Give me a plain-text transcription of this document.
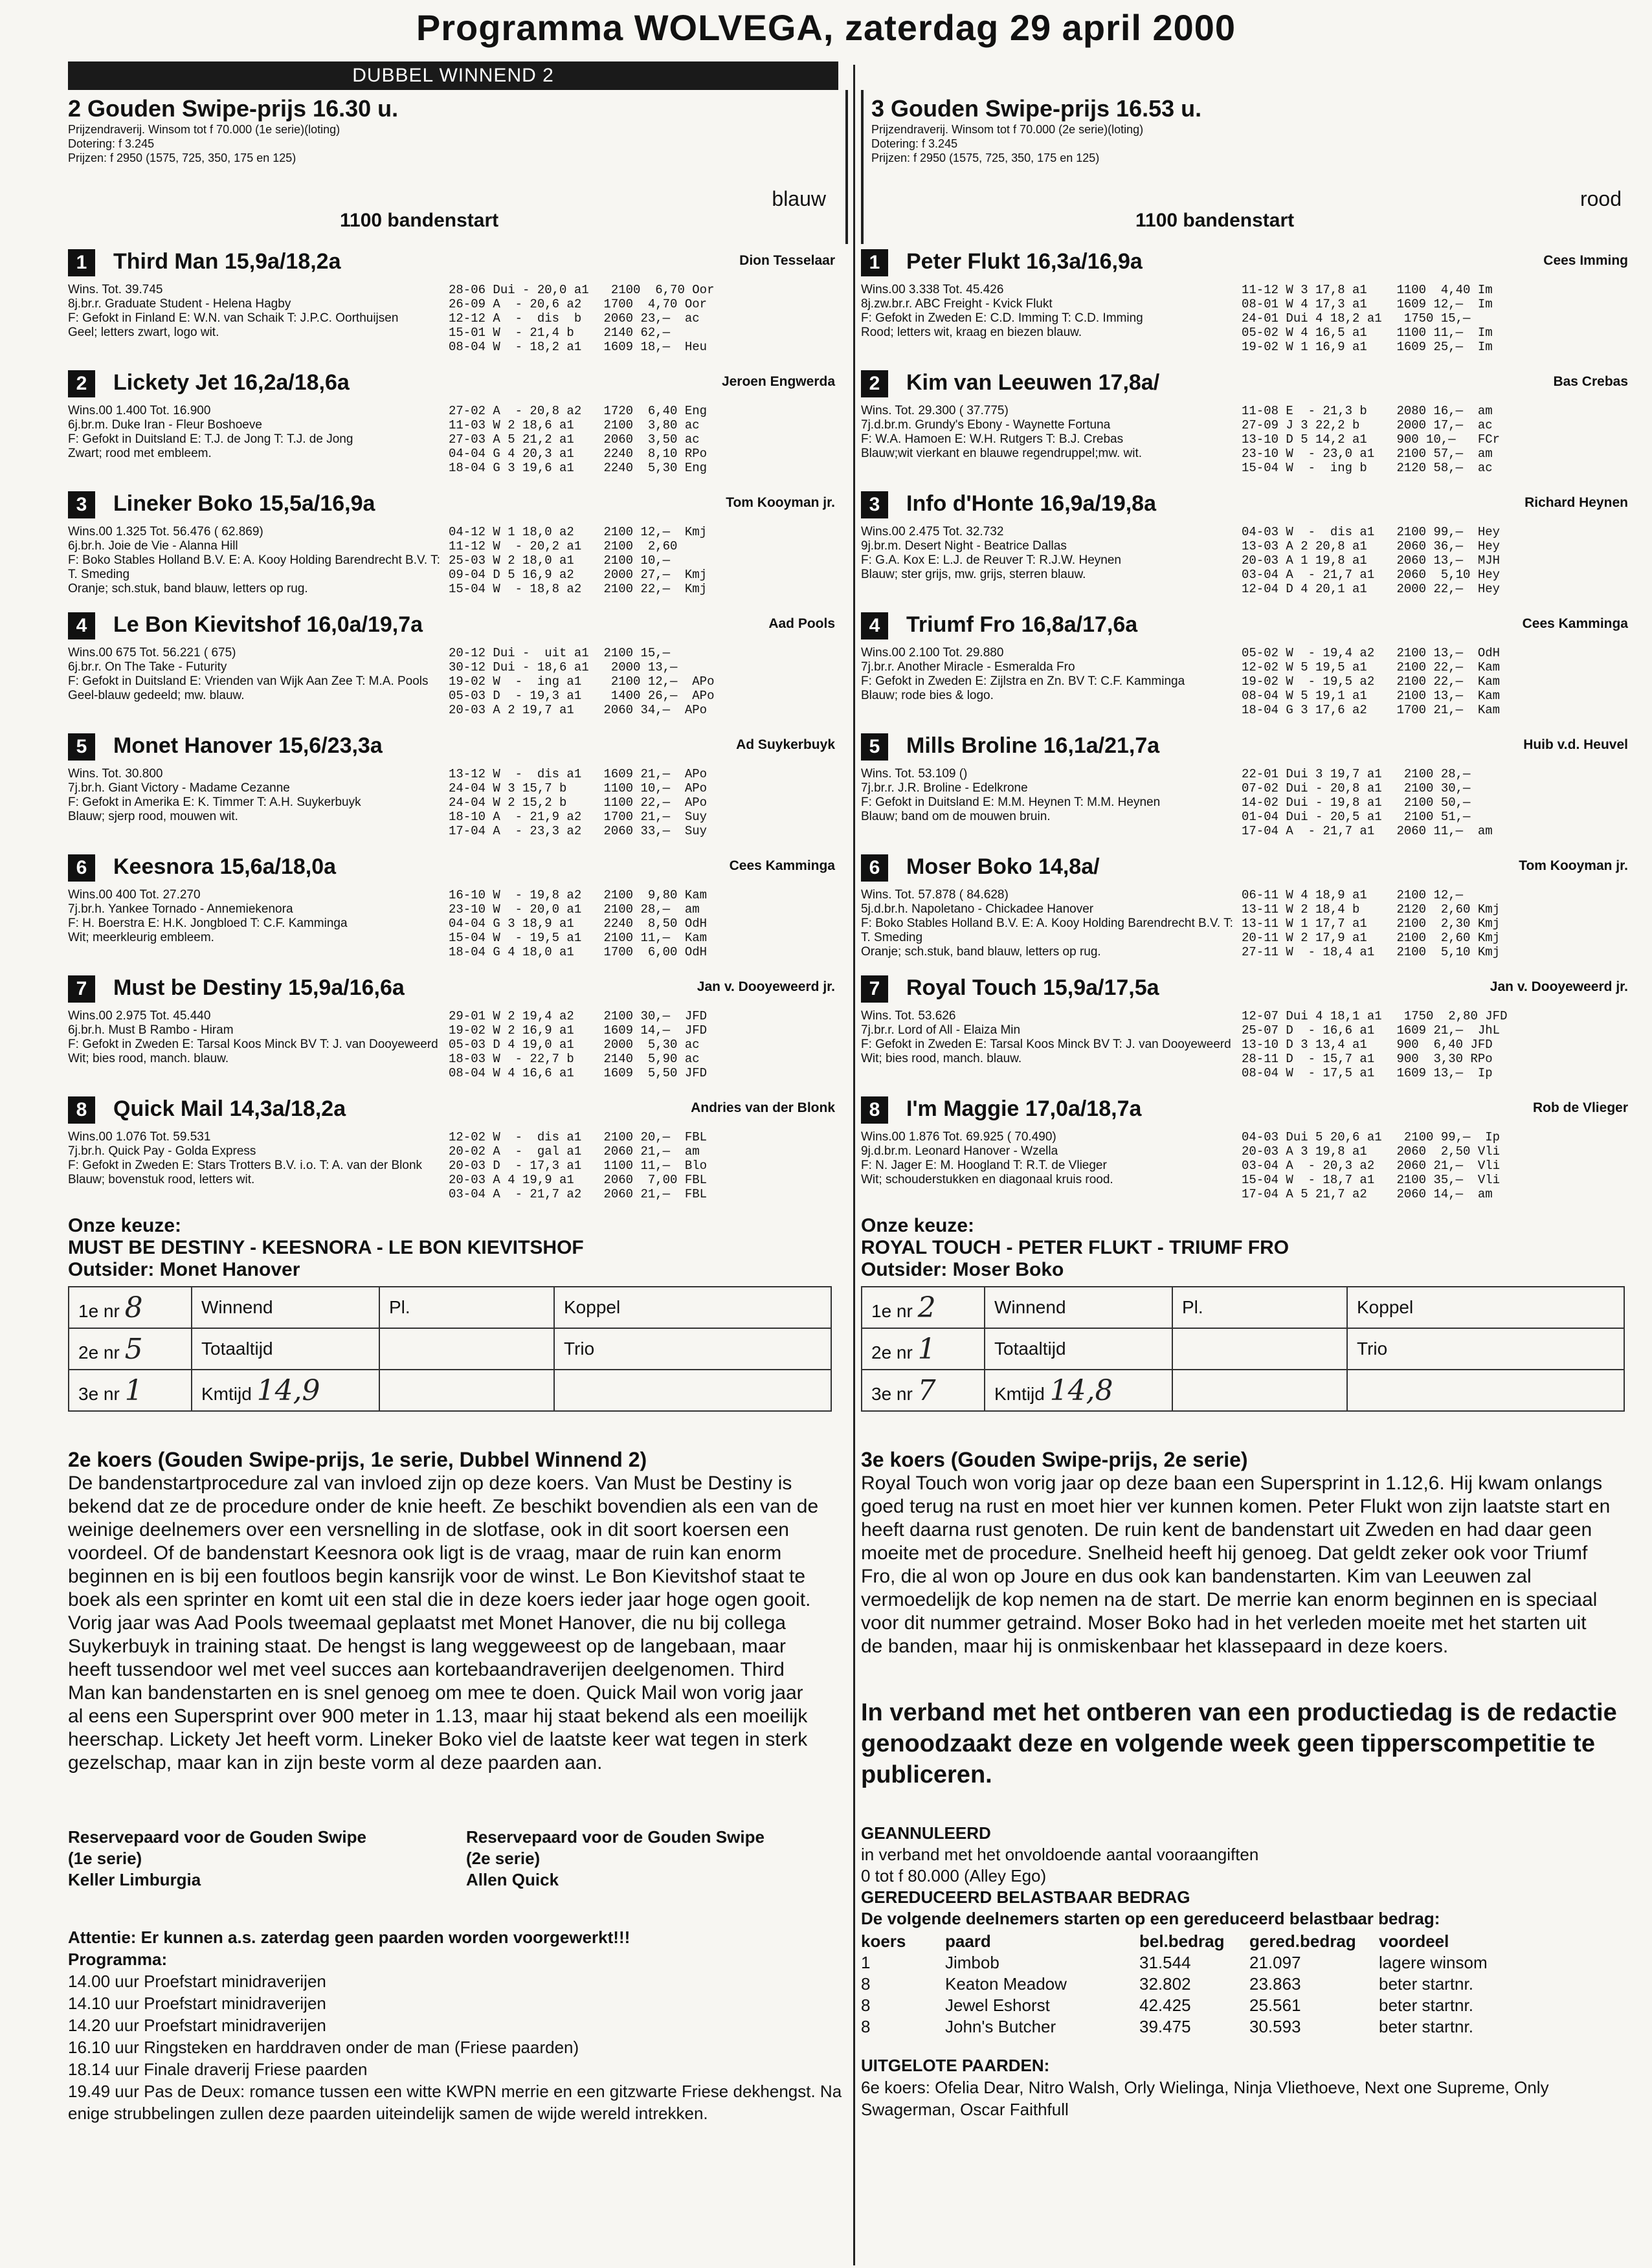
Programma WOLVEGA, zaterdag 29 april 2000
DUBBEL WINNEND 2
2 Gouden Swipe-prijs 16.30 u.
Prijzendraverij. Winsom tot f 70.000 (1e serie)(loting)
Dotering: f 3.245
Prijzen: f 2950 (1575, 725, 350, 175 en 125)
blauw
1100 bandenstart
1	Third Man 15,9a/18,2a	Dion Tesselaar
Wins. Tot. 39.745
8j.br.r. Graduate Student - Helena Hagby
F: Gefokt in Finland E: W.N. van Schaik T: J.P.C. Oorthuijsen
Geel; letters zwart, logo wit.
28-06 Dui - 20,0 a1   2100  6,70 Oor
26-09 A  - 20,6 a2   1700  4,70 Oor
12-12 A  -  dis  b   2060 23,—  ac
15-01 W  - 21,4 b    2140 62,—
08-04 W  - 18,2 a1   1609 18,—  Heu
2	Lickety Jet 16,2a/18,6a	Jeroen Engwerda
Wins.00 1.400 Tot. 16.900
6j.br.m. Duke Iran - Fleur Boshoeve
F: Gefokt in Duitsland E: T.J. de Jong T: T.J. de Jong
Zwart; rood met embleem.
27-02 A  - 20,8 a2   1720  6,40 Eng
11-03 W 2 18,6 a1    2100  3,80 ac
27-03 A 5 21,2 a1    2060  3,50 ac
04-04 G 4 20,3 a1    2240  8,10 RPo
18-04 G 3 19,6 a1    2240  5,30 Eng
3	Lineker Boko 15,5a/16,9a	Tom Kooyman jr.
Wins.00 1.325 Tot. 56.476 ( 62.869)
6j.br.h. Joie de Vie - Alanna Hill
F: Boko Stables Holland B.V. E: A. Kooy Holding Barendrecht B.V. T: T. Smeding
Oranje; sch.stuk, band blauw, letters op rug.
04-12 W 1 18,0 a2    2100 12,—  Kmj
11-12 W  - 20,2 a1   2100  2,60
25-03 W 2 18,0 a1    2100 10,—
09-04 D 5 16,9 a2    2000 27,—  Kmj
15-04 W  - 18,8 a2   2100 22,—  Kmj
4	Le Bon Kievitshof 16,0a/19,7a	Aad Pools
Wins.00 675 Tot. 56.221 ( 675)
6j.br.r. On The Take - Futurity
F: Gefokt in Duitsland E: Vrienden van Wijk Aan Zee T: M.A. Pools
Geel-blauw gedeeld; mw. blauw.
20-12 Dui -  uit a1  2100 15,—
30-12 Dui - 18,6 a1   2000 13,—
19-02 W  -  ing a1    2100 12,—  APo
05-03 D  - 19,3 a1    1400 26,—  APo
20-03 A 2 19,7 a1    2060 34,—  APo
5	Monet Hanover 15,6/23,3a	Ad Suykerbuyk
Wins. Tot. 30.800
7j.br.h. Giant Victory - Madame Cezanne
F: Gefokt in Amerika E: K. Timmer T: A.H. Suykerbuyk
Blauw; sjerp rood, mouwen wit.
13-12 W  -  dis a1   1609 21,—  APo
24-04 W 3 15,7 b     1100 10,—  APo
24-04 W 2 15,2 b     1100 22,—  APo
18-10 A  - 21,9 a2   1700 21,—  Suy
17-04 A  - 23,3 a2   2060 33,—  Suy
6	Keesnora 15,6a/18,0a	Cees Kamminga
Wins.00 400 Tot. 27.270
7j.br.h. Yankee Tornado - Annemiekenora
F: H. Boerstra E: H.K. Jongbloed T: C.F. Kamminga
Wit; meerkleurig embleem.
16-10 W  - 19,8 a2   2100  9,80 Kam
23-10 W  - 20,0 a1   2100 28,—  am
04-04 G 3 18,9 a1    2240  8,50 OdH
15-04 W  - 19,5 a1   2100 11,—  Kam
18-04 G 4 18,0 a1    1700  6,00 OdH
7	Must be Destiny 15,9a/16,6a	Jan v. Dooyeweerd jr.
Wins.00 2.975 Tot. 45.440
6j.br.h. Must B Rambo - Hiram
F: Gefokt in Zweden E: Tarsal Koos Minck BV T: J. van Dooyeweerd
Wit; bies rood, manch. blauw.
29-01 W 2 19,4 a2    2100 30,—  JFD
19-02 W 2 16,9 a1    1609 14,—  JFD
05-03 D 4 19,0 a1    2000  5,30 ac
18-03 W  - 22,7 b    2140  5,90 ac
08-04 W 4 16,6 a1    1609  5,50 JFD
8	Quick Mail 14,3a/18,2a	Andries van der Blonk
Wins.00 1.076 Tot. 59.531
7j.br.h. Quick Pay - Golda Express
F: Gefokt in Zweden E: Stars Trotters B.V. i.o. T: A. van der Blonk
Blauw; bovenstuk rood, letters wit.
12-02 W  -  dis a1   2100 20,—  FBL
20-02 A  -  gal a1   2060 21,—  am
20-03 D  - 17,3 a1   1100 11,—  Blo
20-03 A 4 19,9 a1    2060  7,00 FBL
03-04 A  - 21,7 a2   2060 21,—  FBL
Onze keuze:
MUST BE DESTINY - KEESNORA - LE BON KIEVITSHOF
Outsider: Monet Hanover
1e nr 8	Winnend	Pl.	Koppel
2e nr 5	Totaaltijd		Trio
3e nr 1	Kmtijd 14,9		
2e koers (Gouden Swipe-prijs, 1e serie, Dubbel Winnend 2)
De bandenstartprocedure zal van invloed zijn op deze koers. Van Must be Destiny is bekend dat ze de procedure onder de knie heeft. Ze beschikt bovendien als een van de weinige deelnemers over een versnelling in de slotfase, ook in dit soort koersen een voordeel. Of de bandenstart Keesnora ook ligt is de vraag, maar de ruin kan enorm beginnen en is bij een foutloos begin kansrijk voor de winst. Le Bon Kievitshof staat te boek als een sprinter en komt uit een stal die in deze koers ieder jaar hoge ogen gooit. Vorig jaar was Aad Pools tweemaal geplaatst met Monet Hanover, die nu bij collega Suykerbuyk in training staat. De hengst is lang weggeweest op de langebaan, maar heeft tussendoor wel met veel succes aan kortebaandraverijen deelgenomen. Third Man kan bandenstarten en is snel genoeg om mee te doen. Quick Mail won vorig jaar al eens een Supersprint over 900 meter in 1.13, maar hij staat bekend als een moeilijk heerschap. Lickety Jet heeft vorm. Lineker Boko viel de laatste keer wat tegen in sterk gezelschap, maar kan in zijn beste vorm al deze paarden aan.
Reservepaard voor de Gouden Swipe
(1e serie)
Keller Limburgia
Reservepaard voor de Gouden Swipe
(2e serie)
Allen Quick
Attentie: Er kunnen a.s. zaterdag geen paarden worden voorgewerkt!!!
Programma:
14.00 uur Proefstart minidraverijen
14.10 uur Proefstart minidraverijen
14.20 uur Proefstart minidraverijen
16.10 uur Ringsteken en harddraven onder de man (Friese paarden)
18.14 uur Finale draverij Friese paarden
19.49 uur Pas de Deux: romance tussen een witte KWPN merrie en een gitzwarte Friese dekhengst. Na enige strubbelingen zullen deze paarden uiteindelijk samen de wijde wereld intrekken.
3 Gouden Swipe-prijs 16.53 u.
Prijzendraverij. Winsom tot f 70.000 (2e serie)(loting)
Dotering: f 3.245
Prijzen: f 2950 (1575, 725, 350, 175 en 125)
rood
1100 bandenstart
1	Peter Flukt 16,3a/16,9a	Cees Imming
Wins.00 3.338 Tot. 45.426
8j.zw.br.r. ABC Freight - Kvick Flukt
F: Gefokt in Zweden E: C.D. Imming T: C.D. Imming
Rood; letters wit, kraag en biezen blauw.
11-12 W 3 17,8 a1    1100  4,40 Im
08-01 W 4 17,3 a1    1609 12,—  Im
24-01 Dui 4 18,2 a1   1750 15,—
05-02 W 4 16,5 a1    1100 11,—  Im
19-02 W 1 16,9 a1    1609 25,—  Im
2	Kim van Leeuwen 17,8a/	Bas Crebas
Wins. Tot. 29.300 ( 37.775)
7j.d.br.m. Grundy's Ebony - Waynette Fortuna
F: W.A. Hamoen E: W.H. Rutgers T: B.J. Crebas
Blauw;wit vierkant en blauwe regendruppel;mw. wit.
11-08 E  - 21,3 b    2080 16,—  am
27-09 J 3 22,2 b     2000 17,—  ac
13-10 D 5 14,2 a1    900 10,—   FCr
23-10 W  - 23,0 a1   2100 57,—  am
15-04 W  -  ing b    2120 58,—  ac
3	Info d'Honte 16,9a/19,8a	Richard Heynen
Wins.00 2.475 Tot. 32.732
9j.br.m. Desert Night - Beatrice Dallas
F: G.A. Kox E: L.J. de Reuver T: R.J.W. Heynen
Blauw; ster grijs, mw. grijs, sterren blauw.
04-03 W  -  dis a1   2100 99,—  Hey
13-03 A 2 20,8 a1    2060 36,—  Hey
20-03 A 1 19,8 a1    2060 13,—  MJH
03-04 A  - 21,7 a1   2060  5,10 Hey
12-04 D 4 20,1 a1    2000 22,—  Hey
4	Triumf Fro 16,8a/17,6a	Cees Kamminga
Wins.00 2.100 Tot. 29.880
7j.br.r. Another Miracle - Esmeralda Fro
F: Gefokt in Zweden E: Zijlstra en Zn. BV T: C.F. Kamminga
Blauw; rode bies & logo.
05-02 W  - 19,4 a2   2100 13,—  OdH
12-02 W 5 19,5 a1    2100 22,—  Kam
19-02 W  - 19,5 a2   2100 22,—  Kam
08-04 W 5 19,1 a1    2100 13,—  Kam
18-04 G 3 17,6 a2    1700 21,—  Kam
5	Mills Broline 16,1a/21,7a	Huib v.d. Heuvel
Wins. Tot. 53.109 ()
7j.br.r. J.R. Broline - Edelkrone
F: Gefokt in Duitsland E: M.M. Heynen T: M.M. Heynen
Blauw; band om de mouwen bruin.
22-01 Dui 3 19,7 a1   2100 28,—
07-02 Dui - 20,8 a1   2100 30,—
14-02 Dui - 19,8 a1   2100 50,—
01-04 Dui - 20,5 a1   2100 51,—
17-04 A  - 21,7 a1   2060 11,—  am
6	Moser Boko 14,8a/	Tom Kooyman jr.
Wins. Tot. 57.878 ( 84.628)
5j.d.br.h. Napoletano - Chickadee Hanover
F: Boko Stables Holland B.V. E: A. Kooy Holding Barendrecht B.V. T: T. Smeding
Oranje; sch.stuk, band blauw, letters op rug.
06-11 W 4 18,9 a1    2100 12,—
13-11 W 2 18,4 b     2120  2,60 Kmj
13-11 W 1 17,7 a1    2100  2,30 Kmj
20-11 W 2 17,9 a1    2100  2,60 Kmj
27-11 W  - 18,4 a1   2100  5,10 Kmj
7	Royal Touch 15,9a/17,5a	Jan v. Dooyeweerd jr.
Wins. Tot. 53.626
7j.br.r. Lord of All - Elaiza Min
F: Gefokt in Zweden E: Tarsal Koos Minck BV T: J. van Dooyeweerd
Wit; bies rood, manch. blauw.
12-07 Dui 4 18,1 a1   1750  2,80 JFD
25-07 D  - 16,6 a1   1609 21,—  JhL
13-10 D 3 13,4 a1    900  6,40 JFD
28-11 D  - 15,7 a1   900  3,30 RPo
08-04 W  - 17,5 a1   1609 13,—  Ip
8	I'm Maggie 17,0a/18,7a	Rob de Vlieger
Wins.00 1.876 Tot. 69.925 ( 70.490)
9j.d.br.m. Leonard Hanover - Wzella
F: N. Jager E: M. Hoogland T: R.T. de Vlieger
Wit; schouderstukken en diagonaal kruis rood.
04-03 Dui 5 20,6 a1   2100 99,—  Ip
20-03 A 3 19,8 a1    2060  2,50 Vli
03-04 A  - 20,3 a2   2060 21,—  Vli
15-04 W  - 18,7 a1   2100 35,—  Vli
17-04 A 5 21,7 a2    2060 14,—  am
Onze keuze:
ROYAL TOUCH - PETER FLUKT - TRIUMF FRO
Outsider: Moser Boko
1e nr 2	Winnend	Pl.	Koppel
2e nr 1	Totaaltijd		Trio
3e nr 7	Kmtijd 14,8		
3e koers (Gouden Swipe-prijs, 2e serie)
Royal Touch won vorig jaar op deze baan een Supersprint in 1.12,6. Hij kwam onlangs goed terug na rust en moet hier ver kunnen komen. Peter Flukt won zijn laatste start en heeft daarna rust genoten. De ruin kent de bandenstart uit Zweden en had daar geen moeite met de procedure. Snelheid heeft hij genoeg. Dat geldt zeker ook voor Triumf Fro, die al won op Joure en dus ook kan bandenstarten. Kim van Leeuwen zal vermoedelijk de kop nemen na de start. De merrie kan enorm beginnen en is speciaal voor dit nummer getraind. Moser Boko had in het verleden moeite met het starten uit de banden, maar hij is onmiskenbaar het klassepaard in deze koers.
In verband met het ontberen van een productiedag is de redactie genoodzaakt deze en volgende week geen tipperscompetitie te publiceren.
GEANNULEERD
in verband met het onvoldoende aantal vooraangiften
0 tot f 80.000 (Alley Ego)
GEREDUCEERD BELASTBAAR BEDRAG
De volgende deelnemers starten op een gereduceerd belastbaar bedrag:
koers	paard	bel.bedrag	gered.bedrag	voordeel
1	Jimbob	31.544	21.097	lagere winsom
8	Keaton Meadow	32.802	23.863	beter startnr.
8	Jewel Eshorst	42.425	25.561	beter startnr.
8	John's Butcher	39.475	30.593	beter startnr.
UITGELOTE PAARDEN:
6e koers: Ofelia Dear, Nitro Walsh, Orly Wielinga, Ninja Vliethoeve, Next one Supreme, Only Swagerman, Oscar Faithfull
